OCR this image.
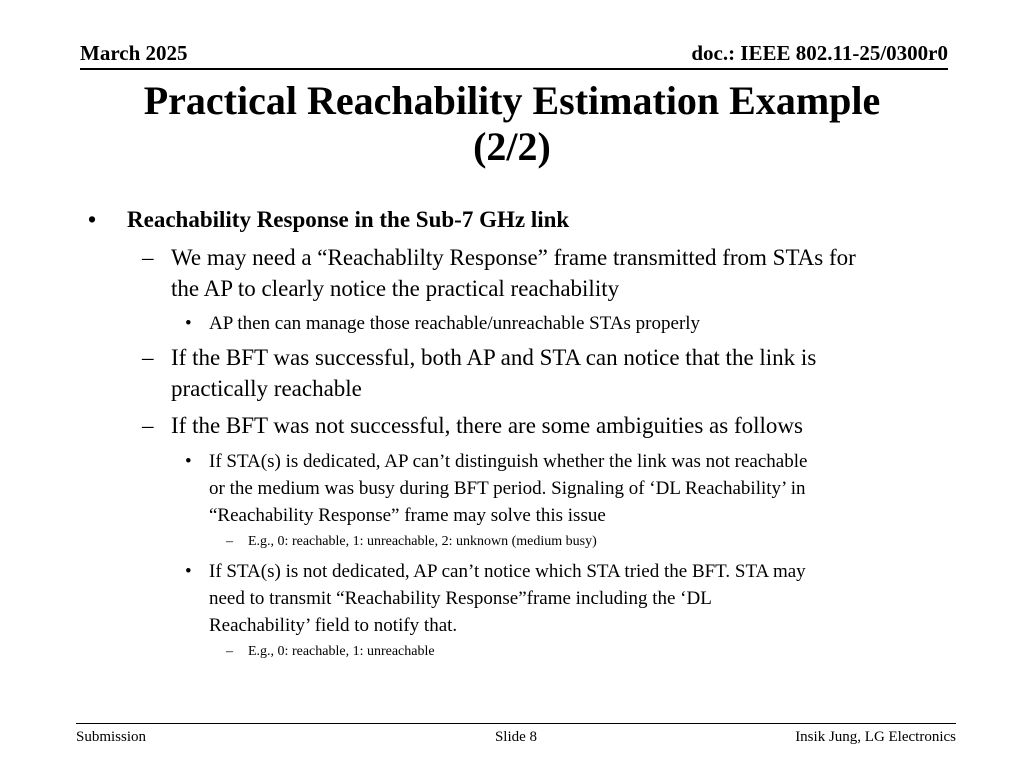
March 2025	doc.: IEEE 802.11-25/0300r0
Practical Reachability Estimation Example
(2/2)
• Reachability Response in the Sub-7 GHz link
– We may need a “Reachablilty Response” frame transmitted from STAs for
the AP to clearly notice the practical reachability
• AP then can manage those reachable/unreachable STAs properly
– If the BFT was successful, both AP and STA can notice that the link is
practically reachable
– If the BFT was not successful, there are some ambiguities as follows
• If STA(s) is dedicated, AP can’t distinguish whether the link was not reachable
or the medium was busy during BFT period. Signaling of ‘DL Reachability’ in
“Reachability Response” frame may solve this issue
– E.g., 0: reachable, 1: unreachable, 2: unknown (medium busy)
• If STA(s) is not dedicated, AP can’t notice which STA tried the BFT. STA may
need to transmit “Reachability Response”frame including the ‘DL
Reachability’ field to notify that.
– E.g., 0: reachable, 1: unreachable
Submission	Slide 8	Insik Jung, LG Electronics
